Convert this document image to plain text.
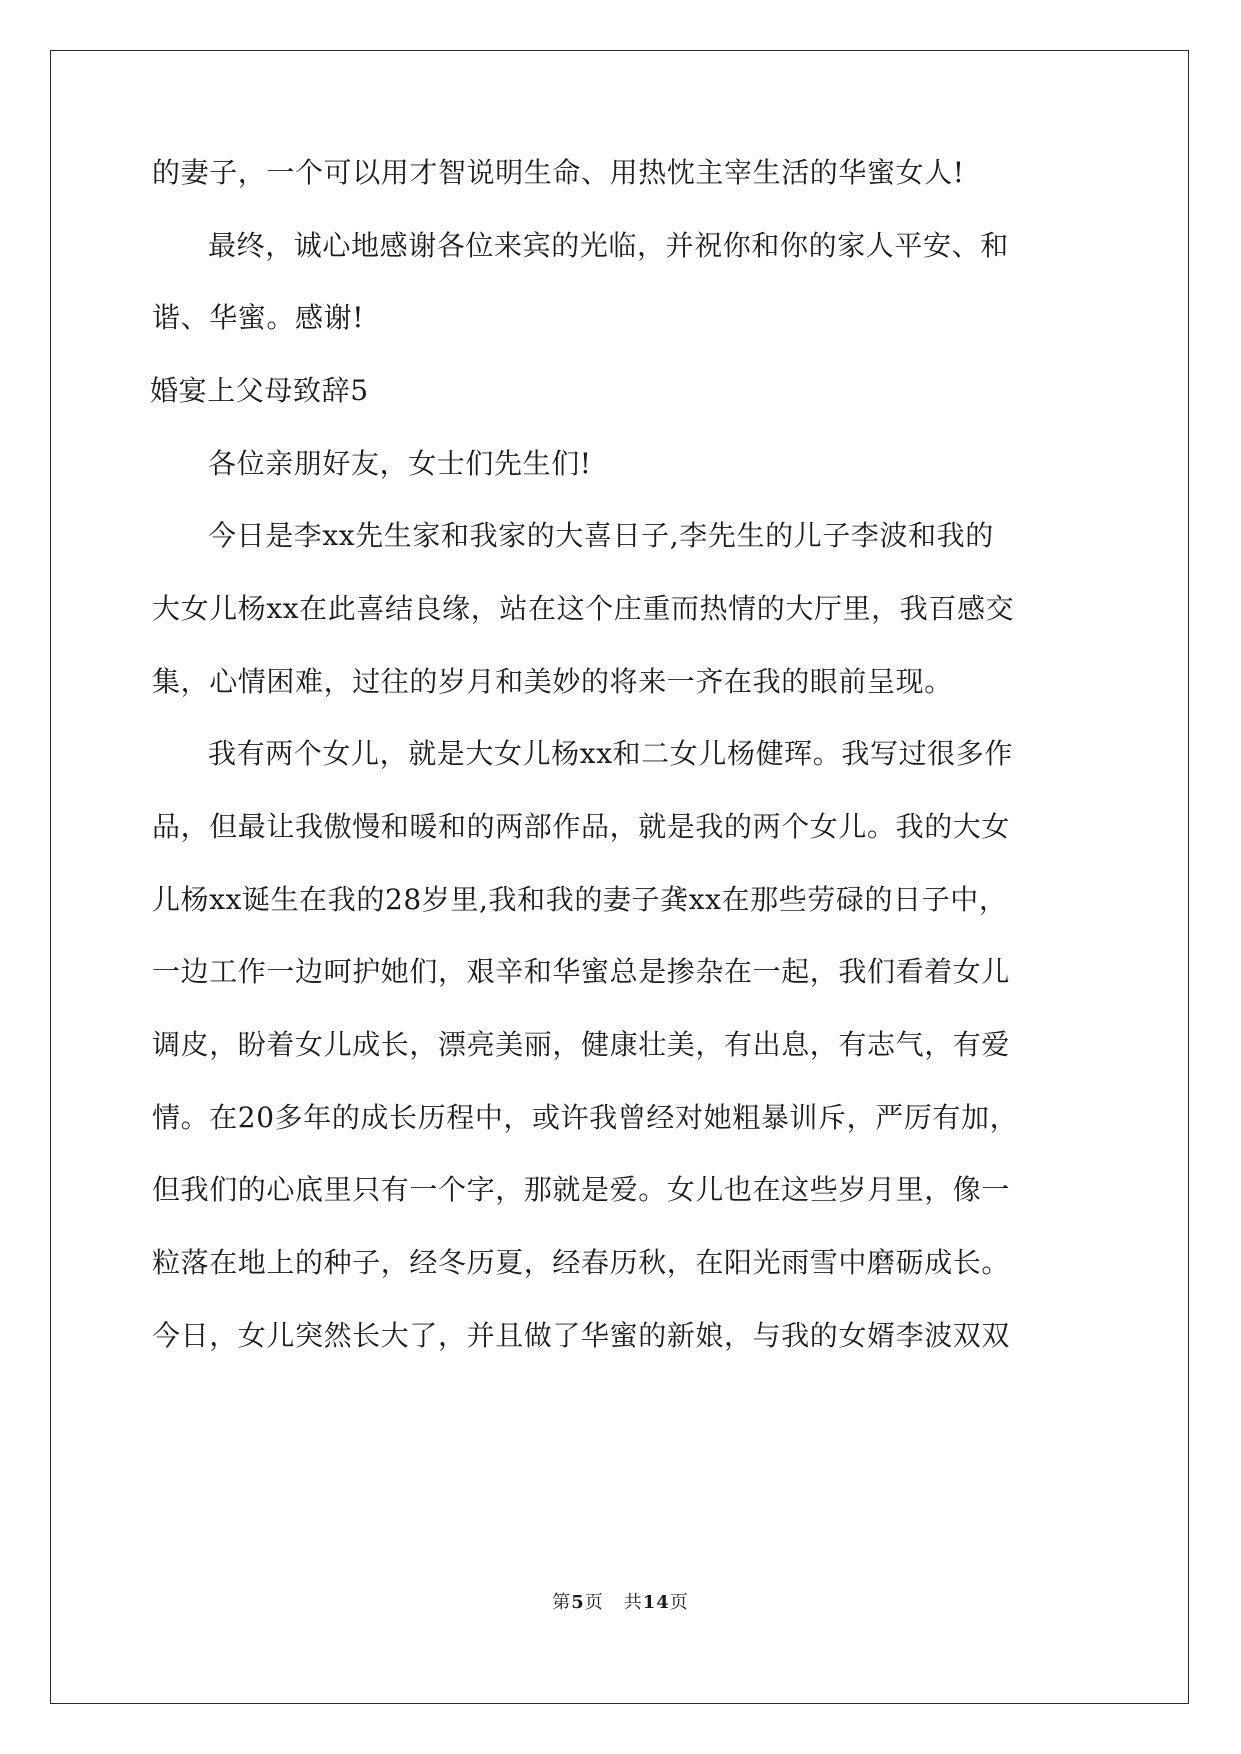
的妻子，一个可以用才智说明生命、用热忱主宰生活的华蜜女人!

最终，诚心地感谢各位来宾的光临，并祝你和你的家人平安、和

谐、华蜜。感谢!

婚宴上父母致辞5

各位亲朋好友，女士们先生们!

今日是李xx先生家和我家的大喜日子,李先生的儿子李波和我的

大女儿杨xx在此喜结良缘，站在这个庄重而热情的大厅里，我百感交

集，心情困难，过往的岁月和美妙的将来一齐在我的眼前呈现。

我有两个女儿，就是大女儿杨xx和二女儿杨健珲。我写过很多作

品，但最让我傲慢和暖和的两部作品，就是我的两个女儿。我的大女

儿杨xx诞生在我的28岁里,我和我的妻子龚xx在那些劳碌的日子中，

一边工作一边呵护她们，艰辛和华蜜总是掺杂在一起，我们看着女儿

调皮，盼着女儿成长，漂亮美丽，健康壮美，有出息，有志气，有爱

情。在20多年的成长历程中，或许我曾经对她粗暴训斥，严厉有加，

但我们的心底里只有一个字，那就是爱。女儿也在这些岁月里，像一

粒落在地上的种子，经冬历夏，经春历秋，在阳光雨雪中磨砺成长。

今日，女儿突然长大了，并且做了华蜜的新娘，与我的女婿李波双双

第5页 共14页
